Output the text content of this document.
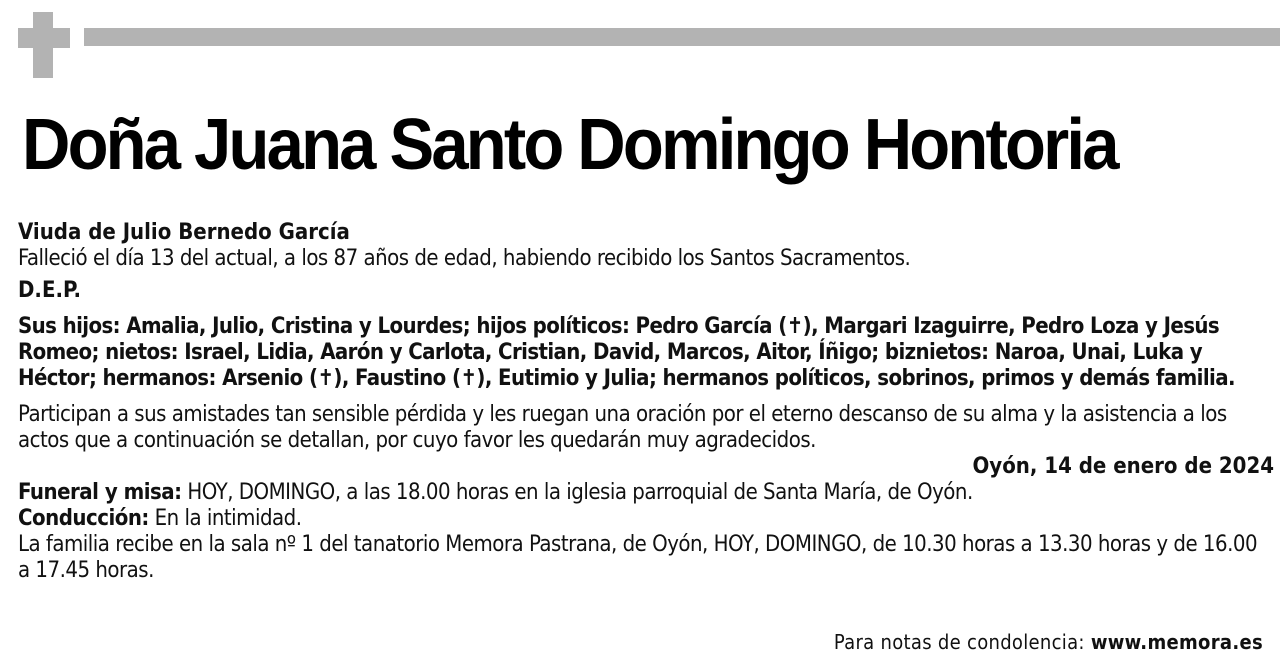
Doña Juana Santo Domingo Hontoria

Viuda de Julio Bernedo García

Falleció el día 13 del actual, a los 87 años de edad, habiendo recibido los Santos Sacramentos.

D.E.P.

Sus hijos: Amalia, Julio, Cristina y Lourdes; hijos políticos: Pedro García (✝), Margari Izaguirre, Pedro Loza y Jesús Romeo; nietos: Israel, Lidia, Aarón y Carlota, Cristian, David, Marcos, Aitor, Íñigo; biznietos: Naroa, Unai, Luka y Héctor; hermanos: Arsenio (✝), Faustino (✝), Eutimio y Julia; hermanos políticos, sobrinos, primos y demás familia.

Participan a sus amistades tan sensible pérdida y les ruegan una oración por el eterno descanso de su alma y la asistencia a los actos que a continuación se detallan, por cuyo favor les quedarán muy agradecidos.

Oyón, 14 de enero de 2024

Funeral y misa: HOY, DOMINGO, a las 18.00 horas en la iglesia parroquial de Santa María, de Oyón.

Conducción: En la intimidad.

La familia recibe en la sala nº 1 del tanatorio Memora Pastrana, de Oyón, HOY, DOMINGO, de 10.30 horas a 13.30 horas y de 16.00 a 17.45 horas.

Para notas de condolencia: www.memora.es
